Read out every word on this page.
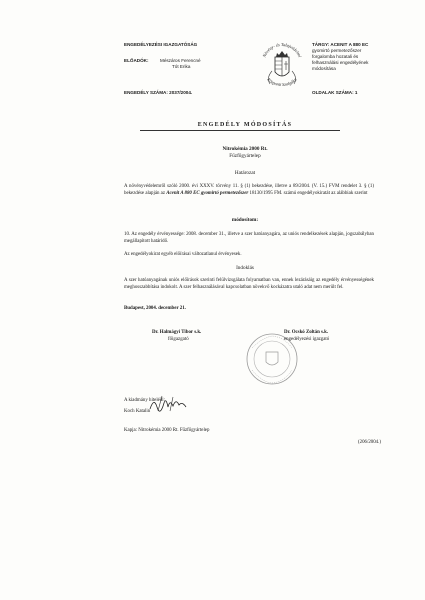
ENGEDÉLYEZÉSI IGAZGATÓSÁG
ELŐADÓK:	Mészáros Ferencné
Tót Erika
ENGEDÉLY SZÁMA: 2037/2004.
Növény- és Talajvédelmi
Központi Szolgálat
TÁRGY: ACENIT A 880 EC
gyomirtó permetezőszer
forgalomba hozatali és
felhasználási engedélyének
módosítása
OLDALAK SZÁMA: 1
ENGEDÉLY MÓDOSÍTÁS
Nitrokémia 2000 Rt.
Fűzfőgyártelep
Határozat
A növényvédelemről szóló 2000. évi XXXV. törvény 11. § (1) bekezdése, illetve a 89/2004. (V. 15.) FVM rendelet 3. § (1) bekezdése alapján az Acenit A 880 EC gyomirtó permetezőszer 18130/1995 FM. számú engedélyokiratát az alábbiak szerint
módosítom:
10. Az engedély érvényessége: 2008. december 31., illetve a szer hatóanyagára, az uniós rendelkezések alapján, jogszabályban megállapított határidő.
Az engedélyokirat egyéb előírásai változatlanul érvényesek.
Indoklás
A szer hatóanyagának uniós előírások szerinti felülvizsgálata folyamatban van, ennek lezárásáig az engedély érvényességének meghosszabbítása indokolt. A szer felhasználásával kapcsolatban növekvő kockázatra utaló adat nem merült fel.
Budapest, 2004. december 21.
Dr. Halmágyi Tibor s.k.
főigazgató
Dr. Ocskó Zoltán s.k.
engedélyezési igazgató
A kiadmány hiteléül:
Koch Katalin
Kapja: Nitrokémia 2000 Rt. Fűzfőgyártelep
(206/2004.)
